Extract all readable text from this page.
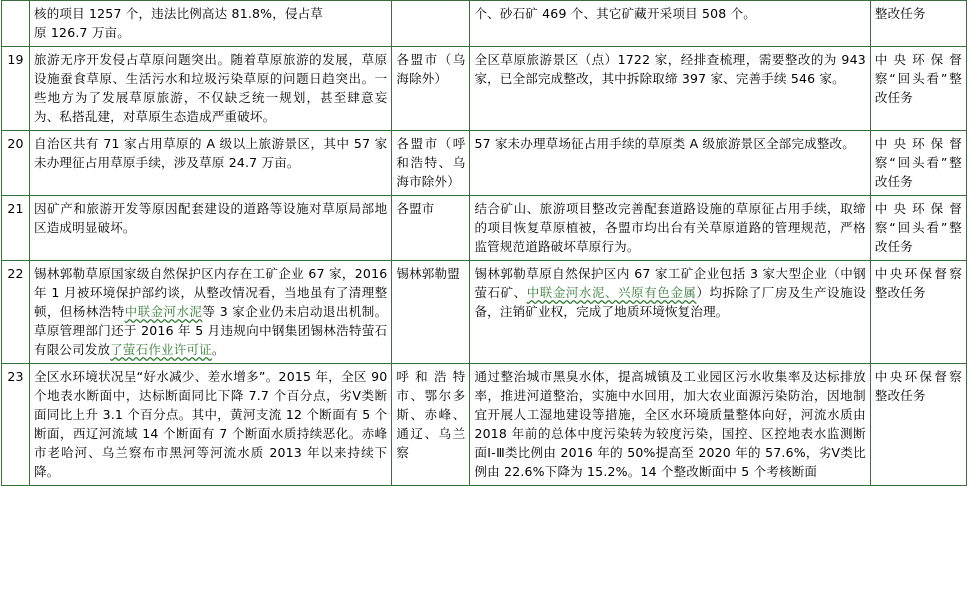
	核的项目 1257 个，违法比例高达 81.8%，侵占草

原 126.7 万亩。		个、砂石矿 469 个、其它矿藏开采项目 508 个。	整改任务
19	旅游无序开发侵占草原问题突出。随着草原旅游的发展，草原设施蚕食草原、生活污水和垃圾污染草原的问题日趋突出。一些地方为了发展草原旅游，不仅缺乏统一规划，甚至肆意妄为、私搭乱建，对草原生态造成严重破坏。	各盟市（乌海除外）	全区草原旅游景区（点）1722 家，经排查梳理，需要整改的为 943 家，已全部完成整改，其中拆除取缔 397 家、完善手续 546 家。	中央环保督察“回头看”整改任务
20	自治区共有 71 家占用草原的 A 级以上旅游景区，其中 57 家未办理征占用草原手续，涉及草原 24.7 万亩。	各盟市（呼和浩特、乌海市除外）	57 家未办理草场征占用手续的草原类 A 级旅游景区全部完成整改。	中央环保督察“回头看”整改任务
21	因矿产和旅游开发等原因配套建设的道路等设施对草原局部地区造成明显破坏。	各盟市	结合矿山、旅游项目整改完善配套道路设施的草原征占用手续，取缔的项目恢复草原植被，各盟市均出台有关草原道路的管理规范，严格监管规范道路破坏草原行为。	中央环保督察“回头看”整改任务
22	锡林郭勒草原国家级自然保护区内存在工矿企业 67 家，2016 年 1 月被环境保护部约谈，从整改情况看，当地虽有了清理整顿，但杨林浩特中联金河水泥等 3 家企业仍未启动退出机制。草原管理部门还于 2016 年 5 月违规向中钢集团锡林浩特萤石有限公司发放了萤石作业许可证。	锡林郭勒盟	锡林郭勒草原自然保护区内 67 家工矿企业包括 3 家大型企业（中钢萤石矿、中联金河水泥、兴原有色金属）均拆除了厂房及生产设施设备，注销矿业权，完成了地质环境恢复治理。	中央环保督察整改任务
23	全区水环境状况呈“好水减少、差水增多”。2015 年，全区 90 个地表水断面中，达标断面同比下降 7.7 个百分点，劣Ⅴ类断面同比上升 3.1 个百分点。其中，黄河支流 12 个断面有 5 个断面，西辽河流域 14 个断面有 7 个断面水质持续恶化。赤峰市老哈河、乌兰察布市黑河等河流水质 2013 年以来持续下降。	呼和浩特市、鄂尔多斯、赤峰、通辽、乌兰察	通过整治城市黑臭水体，提高城镇及工业园区污水收集率及达标排放率，推进河道整治，实施中水回用，加大农业面源污染防治，因地制宜开展人工湿地建设等措施，全区水环境质量整体向好，河流水质由 2018 年前的总体中度污染转为较度污染，国控、区控地表水监测断面Ⅰ-Ⅲ类比例由 2016 年的 50%提高至 2020 年的 57.6%，劣Ⅴ类比例由 22.6%下降为 15.2%。14 个整改断面中 5 个考核断面	中央环保督察整改任务
